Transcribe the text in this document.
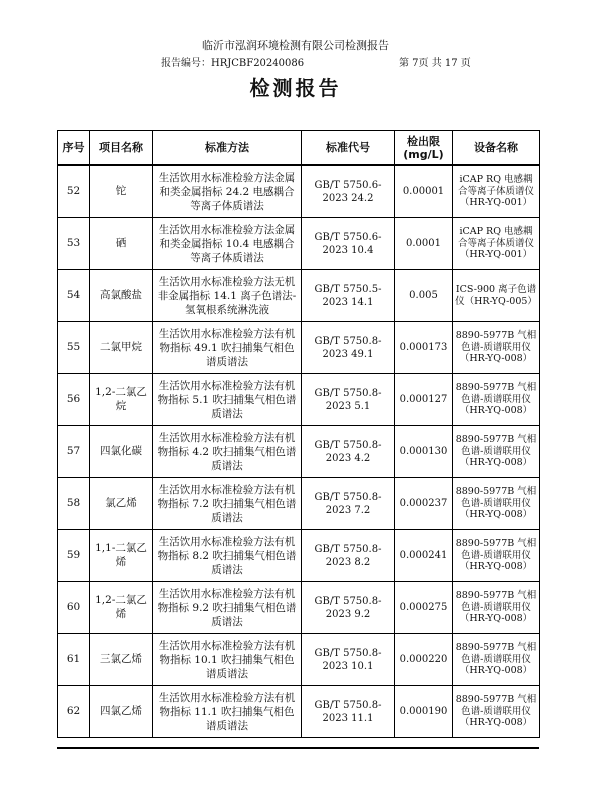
临沂市泓润环境检测有限公司检测报告
报告编号：HRJCBF20240086	第 7页 共 17 页
检测报告
序号	项目名称	标准方法	标准代号	检出限 (mg/L)	设备名称
52	铊	生活饮用水标准检验方法金属和类金属指标 24.2 电感耦合等离子体质谱法	GB/T 5750.6-2023 24.2	0.00001	iCAP RQ 电感耦合等离子体质谱仪（HR-YQ-001）
53	硒	生活饮用水标准检验方法金属和类金属指标 10.4 电感耦合等离子体质谱法	GB/T 5750.6-2023 10.4	0.0001	iCAP RQ 电感耦合等离子体质谱仪（HR-YQ-001）
54	高氯酸盐	生活饮用水标准检验方法无机非金属指标 14.1 离子色谱法-氢氧根系统淋洗液	GB/T 5750.5-2023 14.1	0.005	ICS-900 离子色谱仪（HR-YQ-005）
55	二氯甲烷	生活饮用水标准检验方法有机物指标 49.1 吹扫捕集气相色谱质谱法	GB/T 5750.8-2023 49.1	0.000173	8890-5977B 气相色谱-质谱联用仪（HR-YQ-008）
56	1,2-二氯乙烷	生活饮用水标准检验方法有机物指标 5.1 吹扫捕集气相色谱质谱法	GB/T 5750.8-2023 5.1	0.000127	8890-5977B 气相色谱-质谱联用仪（HR-YQ-008）
57	四氯化碳	生活饮用水标准检验方法有机物指标 4.2 吹扫捕集气相色谱质谱法	GB/T 5750.8-2023 4.2	0.000130	8890-5977B 气相色谱-质谱联用仪（HR-YQ-008）
58	氯乙烯	生活饮用水标准检验方法有机物指标 7.2 吹扫捕集气相色谱质谱法	GB/T 5750.8-2023 7.2	0.000237	8890-5977B 气相色谱-质谱联用仪（HR-YQ-008）
59	1,1-二氯乙烯	生活饮用水标准检验方法有机物指标 8.2 吹扫捕集气相色谱质谱法	GB/T 5750.8-2023 8.2	0.000241	8890-5977B 气相色谱-质谱联用仪（HR-YQ-008）
60	1,2-二氯乙烯	生活饮用水标准检验方法有机物指标 9.2 吹扫捕集气相色谱质谱法	GB/T 5750.8-2023 9.2	0.000275	8890-5977B 气相色谱-质谱联用仪（HR-YQ-008）
61	三氯乙烯	生活饮用水标准检验方法有机物指标 10.1 吹扫捕集气相色谱质谱法	GB/T 5750.8-2023 10.1	0.000220	8890-5977B 气相色谱-质谱联用仪（HR-YQ-008）
62	四氯乙烯	生活饮用水标准检验方法有机物指标 11.1 吹扫捕集气相色谱质谱法	GB/T 5750.8-2023 11.1	0.000190	8890-5977B 气相色谱-质谱联用仪（HR-YQ-008）
